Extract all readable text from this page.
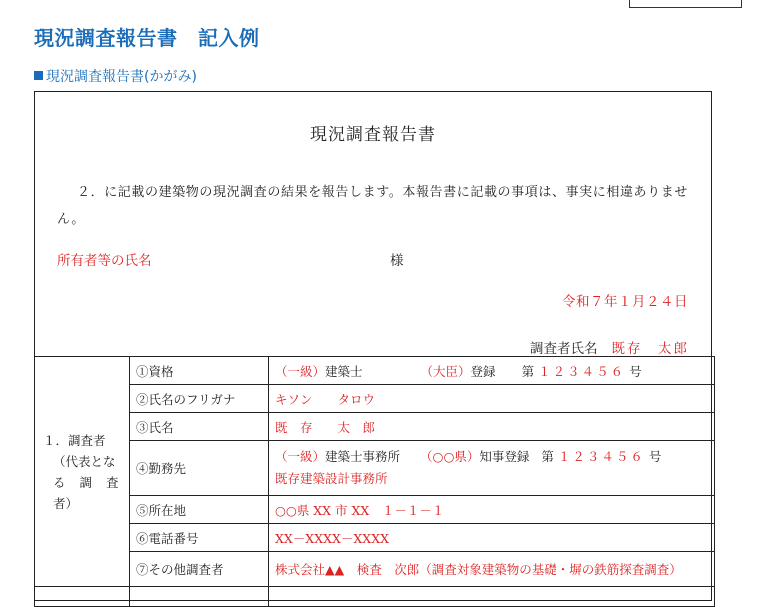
現況調査報告書　記入例
現況調査報告書(かがみ)
現況調査報告書
２．に記載の建築物の現況調査の結果を報告します。本報告書に記載の事項は、事実に相違ありません。
所有者等の氏名	様
令和７年１月２４日
調査者氏名 既存　太郎
１．調査者
（代表とな
る 調 査
者）	①資格	（一級）建築士 （大臣）登録 第 １２３４５６ 号
	②氏名のフリガナ	キソン　　タロウ
	③氏名	既　存　　太　郎
	④勤務先	（一級）建築士事務所 （○○県）知事登録 第 １２３４５６ 号
既存建築設計事務所

	⑤所在地	○○県 XX 市 XX　１－１－１
	⑥電話番号	XX－XXXX－XXXX
	⑦その他調査者	株式会社▲▲　検査　次郎（調査対象建築物の基礎・塀の鉄筋探査調査）
